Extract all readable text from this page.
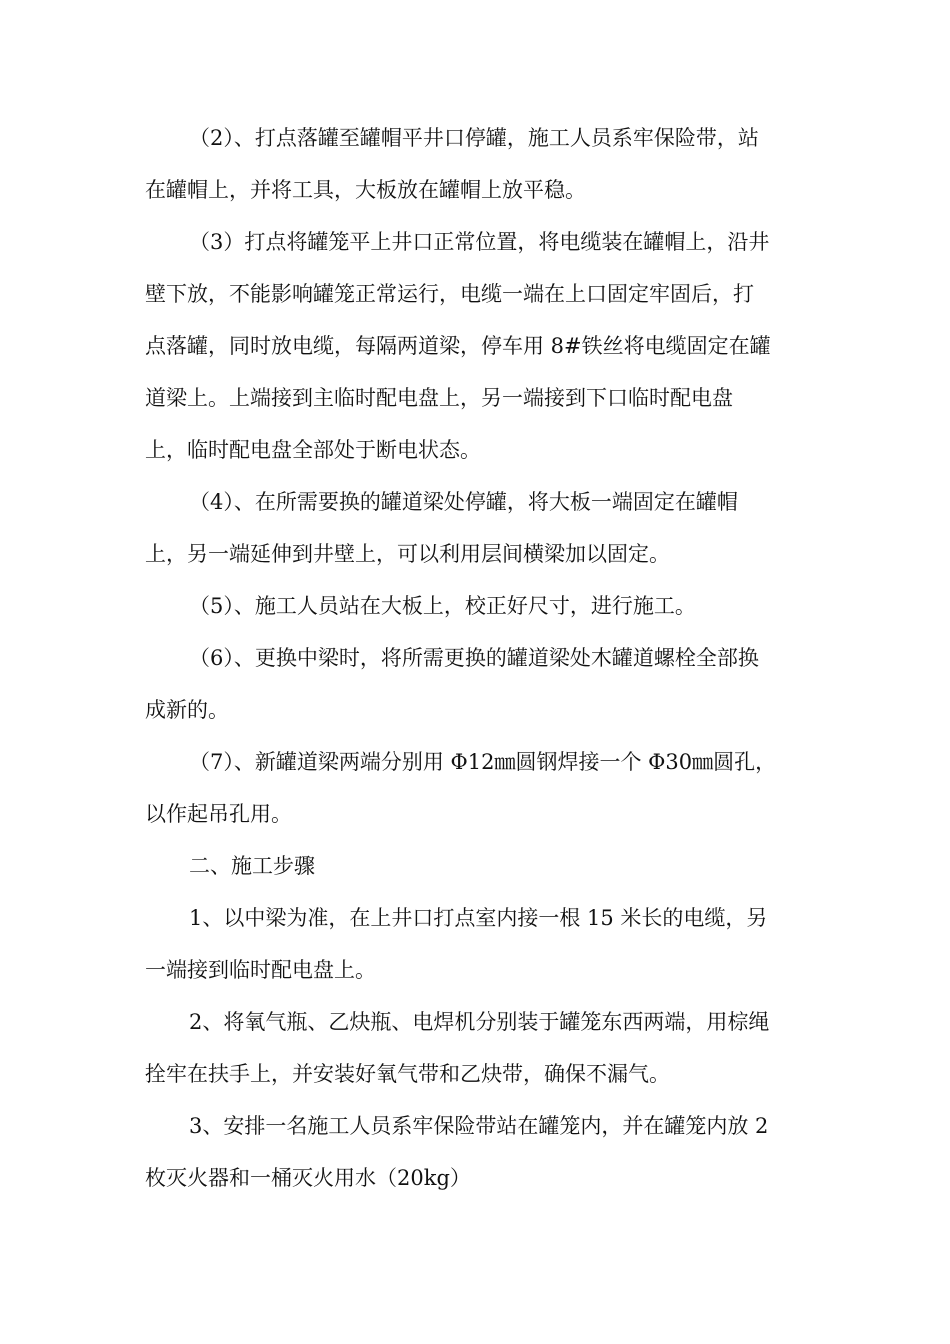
（2）、打点落罐至罐帽平井口停罐，施工人员系牢保险带，站
在罐帽上，并将工具，大板放在罐帽上放平稳。
（3）打点将罐笼平上井口正常位置，将电缆装在罐帽上，沿井
壁下放，不能影响罐笼正常运行，电缆一端在上口固定牢固后，打
点落罐，同时放电缆，每隔两道梁，停车用 8#铁丝将电缆固定在罐
道梁上。上端接到主临时配电盘上，另一端接到下口临时配电盘
上，临时配电盘全部处于断电状态。
（4）、在所需要换的罐道梁处停罐，将大板一端固定在罐帽
上，另一端延伸到井壁上，可以利用层间横梁加以固定。
（5）、施工人员站在大板上，校正好尺寸，进行施工。
（6）、更换中梁时，将所需更换的罐道梁处木罐道螺栓全部换
成新的。
（7）、新罐道梁两端分别用 Φ12㎜圆钢焊接一个 Φ30㎜圆孔，
以作起吊孔用。
二、施工步骤
1、以中梁为准，在上井口打点室内接一根 15 米长的电缆，另
一端接到临时配电盘上。
2、将氧气瓶、乙炔瓶、电焊机分别装于罐笼东西两端，用棕绳
拴牢在扶手上，并安装好氧气带和乙炔带，确保不漏气。
3、安排一名施工人员系牢保险带站在罐笼内，并在罐笼内放 2
枚灭火器和一桶灭火用水（20kg）
